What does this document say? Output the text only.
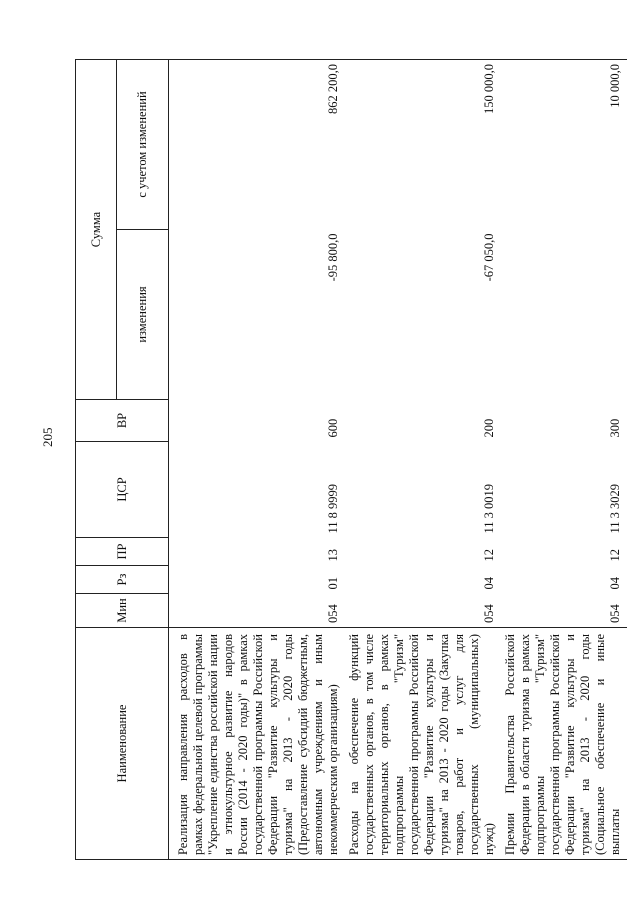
205
Наименование	Мин	Рз	ПР	ЦСР	ВР	Сумма	
						изменения	с учетом изменений
Реализация направления расходов в рамках федеральной целевой программы "Укрепление единства российской нации и этнокультурное развитие народов России (2014 - 2020 годы)" в рамках государственной программы Российской Федерации "Развитие культуры и туризма" на 2013 - 2020 годы (Предоставление субсидий бюджетным, автономным учреждениям и иным некоммерческим организациям)	054	01	13	11 8 9999	600	-95 800,0	862 200,0
Расходы на обеспечение функций государственных органов, в том числе территориальных органов, в рамках подпрограммы "Туризм" государственной программы Российской Федерации "Развитие культуры и туризма" на 2013 - 2020 годы (Закупка товаров, работ и услуг для государственных (муниципальных) нужд)	054	04	12	11 3 0019	200	-67 050,0	150 000,0
Премии Правительства Российской Федерации в области туризма в рамках подпрограммы "Туризм" государственной программы Российской Федерации "Развитие культуры и туризма" на 2013 - 2020 годы (Социальное обеспечение и иные выплаты	054	04	12	11 3 3029	300		10 000,0
